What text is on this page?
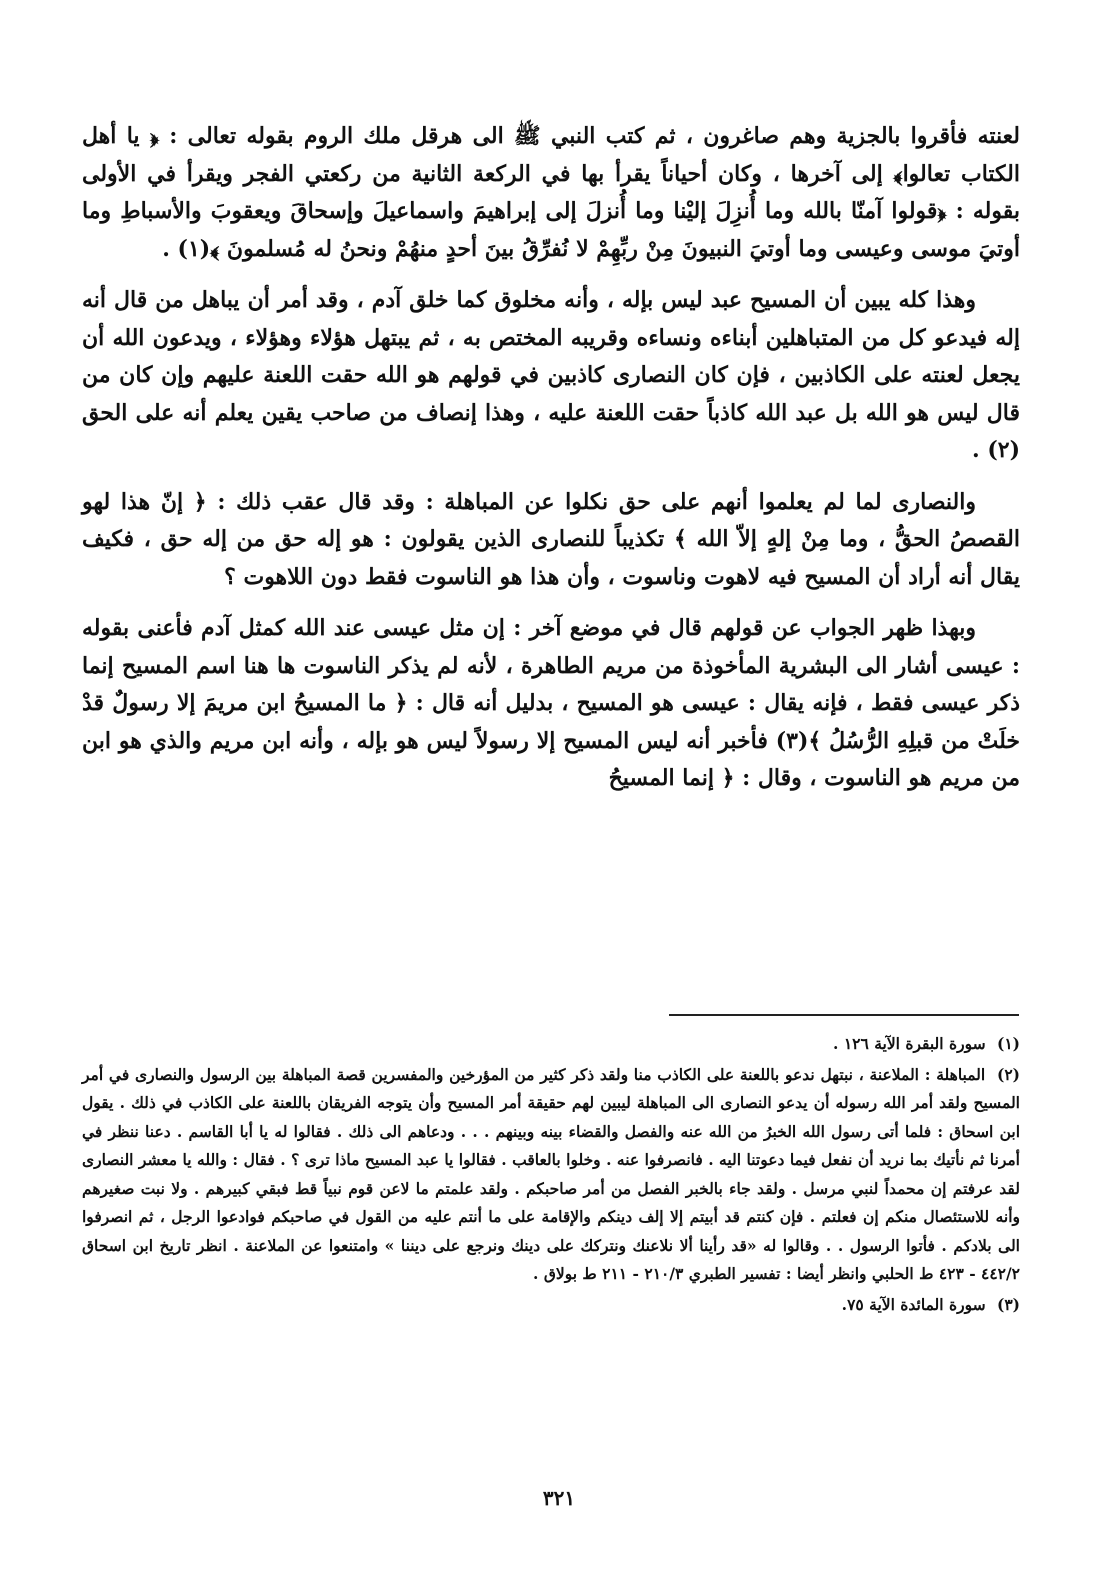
لعنته فأقروا بالجزية وهم صاغرون ، ثم كتب النبي ﷺ الى هرقل ملك الروم بقوله تعالى : ﴿ يا أهل الكتاب تعالوا﴾ إلى آخرها ، وكان أحياناً يقرأ بها في الركعة الثانية من ركعتي الفجر ويقرأ في الأولى بقوله : ﴿قولوا آمنّا بالله وما أُنزِلَ إليْنا وما أُنزلَ إلى إبراهيمَ واسماعيلَ وإسحاقَ ويعقوبَ والأسباطِ وما أوتيَ موسى وعيسى وما أوتيَ النبيونَ مِنْ ربِّهِمْ لا نُفرِّقُ بينَ أحدٍ منهُمْ ونحنُ له مُسلمونَ ﴾(١) .

وهذا كله يبين أن المسيح عبد ليس بإله ، وأنه مخلوق كما خلق آدم ، وقد أمر أن يباهل من قال أنه إله فيدعو كل من المتباهلين أبناءه ونساءه وقريبه المختص به ، ثم يبتهل هؤلاء وهؤلاء ، ويدعون الله أن يجعل لعنته على الكاذبين ، فإن كان النصارى كاذبين في قولهم هو الله حقت اللعنة عليهم وإن كان من قال ليس هو الله بل عبد الله كاذباً حقت اللعنة عليه ، وهذا إنصاف من صاحب يقين يعلم أنه على الحق (٢) .

والنصارى لما لم يعلموا أنهم على حق نكلوا عن المباهلة : وقد قال عقب ذلك : ﴿ إنّ هذا لهو القصصُ الحقُّ ، وما مِنْ إلهٍ إلاّ الله ﴾ تكذيباً للنصارى الذين يقولون : هو إله حق من إله حق ، فكيف يقال أنه أراد أن المسيح فيه لاهوت وناسوت ، وأن هذا هو الناسوت فقط دون اللاهوت ؟

وبهذا ظهر الجواب عن قولهم قال في موضع آخر : إن مثل عيسى عند الله كمثل آدم فأعنى بقوله : عيسى أشار الى البشرية المأخوذة من مريم الطاهرة ، لأنه لم يذكر الناسوت ها هنا اسم المسيح إنما ذكر عيسى فقط ، فإنه يقال : عيسى هو المسيح ، بدليل أنه قال : ﴿ ما المسيحُ ابن مريمَ إلا رسولٌ قدْ خلَتْ من قبلِهِ الرُّسُلُ ﴾(٣) فأخبر أنه ليس المسيح إلا رسولاً ليس هو بإله ، وأنه ابن مريم والذي هو ابن من مريم هو الناسوت ، وقال : ﴿ إنما المسيحُ

(١) سورة البقرة الآية ١٢٦ .

(٢) المباهلة : الملاعنة ، نبتهل ندعو باللعنة على الكاذب منا ولقد ذكر كثير من المؤرخين والمفسرين قصة المباهلة بين الرسول والنصارى في أمر المسيح ولقد أمر الله رسوله أن يدعو النصارى الى المباهلة ليبين لهم حقيقة أمر المسيح وأن يتوجه الفريقان باللعنة على الكاذب في ذلك . يقول ابن اسحاق : فلما أتى رسول الله الخبرُ من الله عنه والفصل والقضاء بينه وبينهم . . . ودعاهم الى ذلك . فقالوا له يا أبا القاسم . دعنا ننظر في أمرنا ثم نأتيك بما نريد أن نفعل فيما دعوتنا اليه . فانصرفوا عنه . وخلوا بالعاقب . فقالوا يا عبد المسيح ماذا ترى ؟ . فقال : والله يا معشر النصارى لقد عرفتم إن محمداً لنبي مرسل . ولقد جاء بالخبر الفصل من أمر صاحبكم . ولقد علمتم ما لاعن قوم نبياً قط فبقي كبيرهم . ولا نبت صغيرهم وأنه للاستئصال منكم إن فعلتم . فإن كنتم قد أبيتم إلا إلف دينكم والإقامة على ما أنتم عليه من القول في صاحبكم فوادعوا الرجل ، ثم انصرفوا الى بلادكم . فأتوا الرسول . . وقالوا له «قد رأينا ألا نلاعنك ونتركك على دينك ونرجع على ديننا » وامتنعوا عن الملاعنة . انظر تاريخ ابن اسحاق ٤٤٢/٢ - ٤٢٣ ط الحلبي وانظر أيضا : تفسير الطبري ٢١٠/٣ - ٢١١ ط بولاق .

(٣) سورة المائدة الآية ٧٥.

٣٢١
